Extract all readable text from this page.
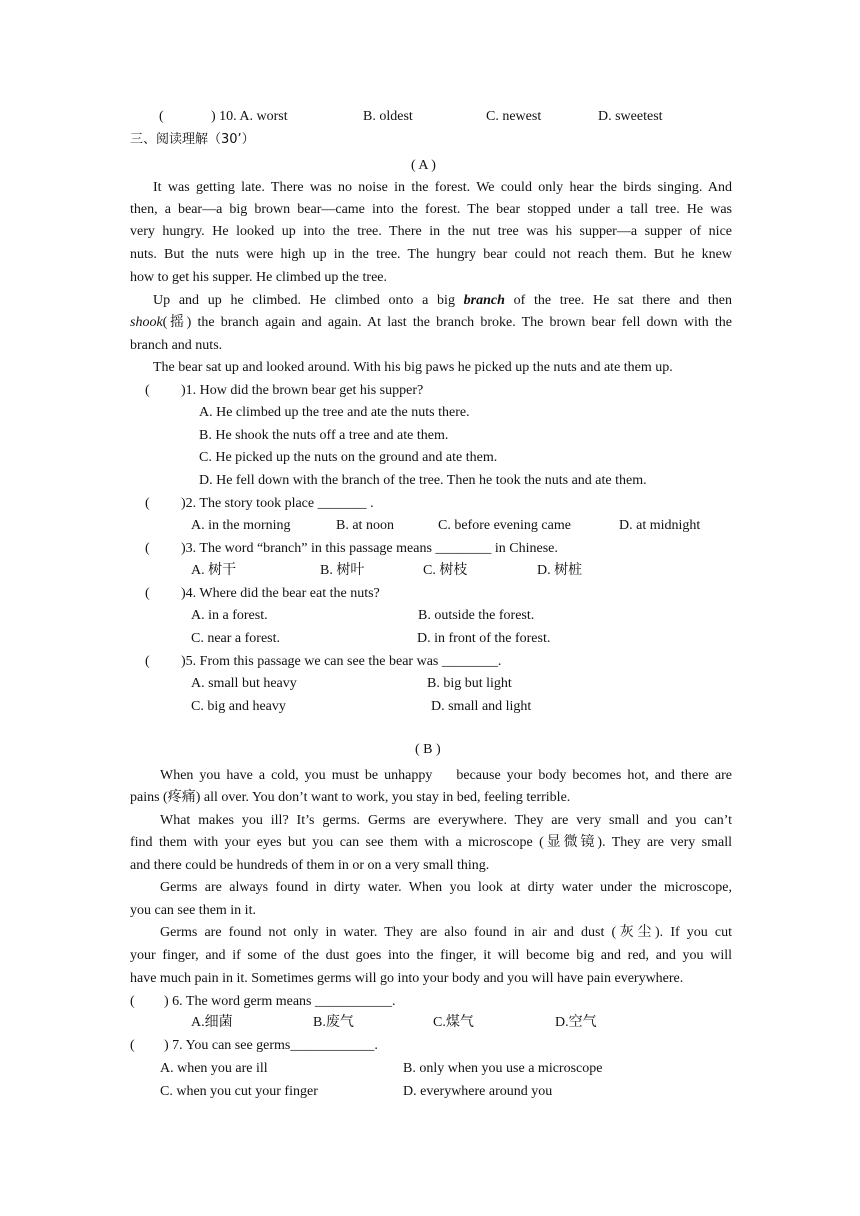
(	) 10. A. worst	B. oldest	C. newest	D. sweetest
三、阅读理解（30’）
( A )
It was getting late. There was no noise in the forest. We could only hear the birds singing. And
then, a bear—a big brown bear—came into the forest. The bear stopped under a tall tree. He was
very hungry. He looked up into the tree. There in the nut tree was his supper—a supper of nice
nuts. But the nuts were high up in the tree. The hungry bear could not reach them. But he knew
how to get his supper. He climbed up the tree.
Up and up he climbed. He climbed onto a big branch of the tree. He sat there and then
shook(摇) the branch again and again. At last the branch broke. The brown bear fell down with the
branch and nuts.
The bear sat up and looked around. With his big paws he picked up the nuts and ate them up.
( )1. How did the brown bear get his supper?
A. He climbed up the tree and ate the nuts there.
B. He shook the nuts off a tree and ate them.
C. He picked up the nuts on the ground and ate them.
D. He fell down with the branch of the tree. Then he took the nuts and ate them.
( )2. The story took place _______ .
A. in the morning	B. at noon	C. before evening came	D. at midnight
( )3. The word “branch” in this passage means ________ in Chinese.
A. 树干	B. 树叶	C. 树枝	D. 树桩
( )4. Where did the bear eat the nuts?
A. in a forest.	B. outside the forest.
C. near a forest.	D. in front of the forest.
( )5. From this passage we can see the bear was ________.
A. small but heavy	B. big but light
C. big and heavy	D. small and light
( B )
When you have a cold, you must be unhappy    because your body becomes hot, and there are
pains (疼痛) all over. You don’t want to work, you stay in bed, feeling terrible.
What makes you ill? It’s germs. Germs are everywhere. They are very small and you can’t
find them with your eyes but you can see them with a microscope (显微镜). They are very small
and there could be hundreds of them in or on a very small thing.
Germs are always found in dirty water. When you look at dirty water under the microscope,
you can see them in it.
Germs are found not only in water. They are also found in air and dust (灰尘). If you cut
your finger, and if some of the dust goes into the finger, it will become big and red, and you will
have much pain in it. Sometimes germs will go into your body and you will have pain everywhere.
( ) 6. The word germ means ___________.
A.细菌	B.废气	C.煤气	D.空气
( ) 7. You can see germs____________.
A. when you are ill	B. only when you use a microscope
C. when you cut your finger	D. everywhere around you
